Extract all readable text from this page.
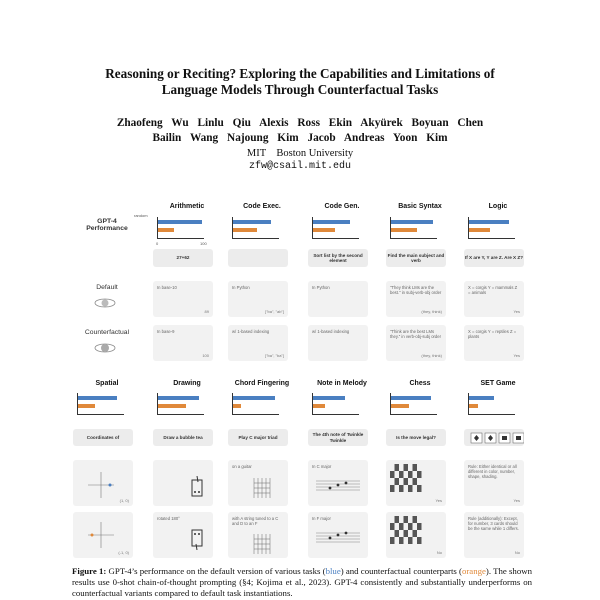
Reasoning or Reciting? Exploring the Capabilities and Limitations of
Language Models Through Counterfactual Tasks
Zhaofeng Wu Linlu Qiu Alexis Ross Ekin Akyürek Boyuan Chen
Bailin Wang Najoung Kim Jacob Andreas Yoon Kim
MIT Boston University
zfw@csail.mit.edu
GPT-4
Performance
Default
Counterfactual
Arithmetic
27+62
In base-10
89
In base-9
100
Code Exec.
In Python
["ba", "ab"]
w/ 1-based indexing
["ba", "ba"]
Code Gen.
Sort list by the second element
In Python
w/ 1-based indexing
Basic Syntax
Find the main subject and verb
"They think LMs are the best." in subj-verb-obj order
(they, think)
"Think are the best LMs they." in verb-obj-subj order
(they, think)
Logic
If X are Y, Y are Z. Are X Z?
X = corgis Y = mammals Z = animals
Yes
X = corgis Y = reptiles Z = plants
Yes
Spatial
Coordinates of
(1, 0)
(-1, 0)
Drawing
Draw a bubble tea
rotated 180°
Chord Fingering
Play C major triad
on a guitar
with A string tuned to a C and D to an F
Note in Melody
The 4th note of Twinkle Twinkle
In C major
In F major
Chess
Is the move legal?
Yes
No
SET Game
Rule: Either identical or all different in color, number, shape, shading.
Yes
Rule (additionally): Except, for number, 3 cards should be the same while 1 differs.
No
random
0	100
Figure 1: GPT-4’s performance on the default version of various tasks (blue) and counterfactual counterparts (orange). The shown results use 0-shot chain-of-thought prompting (§4; Kojima et al., 2023). GPT-4 consistently and substantially underperforms on counterfactual variants compared to default task instantiations.
